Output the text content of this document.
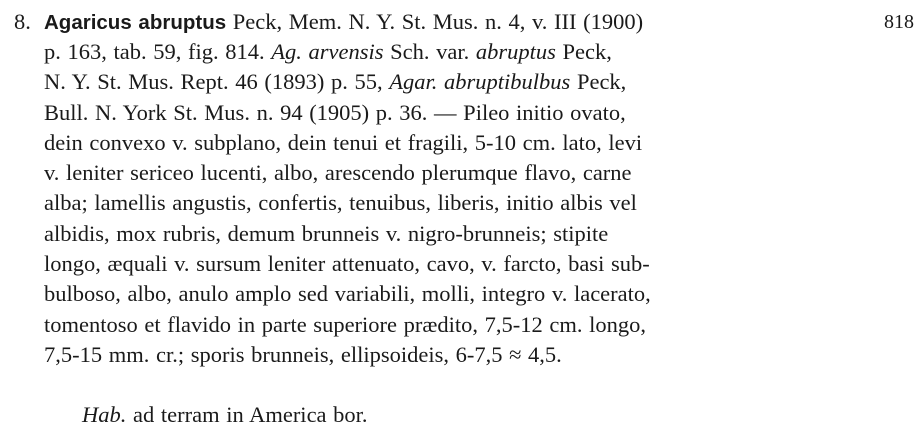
8.	818
Agaricus abruptus Peck, Mem. N. Y. St. Mus. n. 4, v. III (1900)
p. 163, tab. 59, fig. 814. Ag. arvensis Sch. var. abruptus Peck,
N. Y. St. Mus. Rept. 46 (1893) p. 55, Agar. abruptibulbus Peck,
Bull. N. York St. Mus. n. 94 (1905) p. 36. — Pileo initio ovato,
dein convexo v. subplano, dein tenui et fragili, 5-10 cm. lato, levi
v. leniter sericeo lucenti, albo, arescendo plerumque flavo, carne
alba; lamellis angustis, confertis, tenuibus, liberis, initio albis vel
albidis, mox rubris, demum brunneis v. nigro-brunneis; stipite
longo, æquali v. sursum leniter attenuato, cavo, v. farcto, basi sub-
bulboso, albo, anulo amplo sed variabili, molli, integro v. lacerato,
tomentoso et flavido in parte superiore prædito, 7,5-12 cm. longo,
7,5-15 mm. cr.; sporis brunneis, ellipsoideis, 6-7,5 ≈ 4,5.
Hab. ad terram in America bor.
